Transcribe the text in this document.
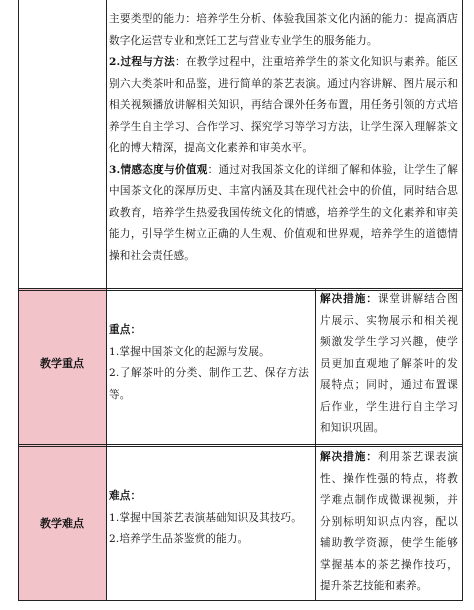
主要类型的能力：培养学生分析、体验我国茶文化内涵的能力：提高酒店数字化运营专业和烹饪工艺与营业专业学生的服务能力。

2.过程与方法：在教学过程中，注重培养学生的茶文化知识与素养。能区别六大类茶叶和品鉴，进行简单的茶艺表演。通过内容讲解、图片展示和相关视频播放讲解相关知识，再结合课外任务布置，用任务引领的方式培养学生自主学习、合作学习、探究学习等学习方法，让学生深入理解茶文化的博大精深，提高文化素养和审美水平。

3.情感态度与价值观：通过对我国茶文化的详细了解和体验，让学生了解中国茶文化的深厚历史、丰富内涵及其在现代社会中的价值，同时结合思政教育，培养学生热爱我国传统文化的情感，培养学生的文化素养和审美能力，引导学生树立正确的人生观、价值观和世界观，培养学生的道德情操和社会责任感。

教学重点

重点：

1.掌握中国茶文化的起源与发展。

2.了解茶叶的分类、制作工艺、保存方法等。

解决措施：课堂讲解结合图片展示、实物展示和相关视频激发学生学习兴趣，使学员更加直观地了解茶叶的发展特点；同时，通过布置课后作业，学生进行自主学习和知识巩固。

教学难点

难点：

1.掌握中国茶艺表演基础知识及其技巧。

2.培养学生品茶鉴赏的能力。

解决措施：利用茶艺课表演性、操作性强的特点，将教学难点制作成微课视频，并分别标明知识点内容，配以辅助教学资源，使学生能够掌握基本的茶艺操作技巧，提升茶艺技能和素养。
